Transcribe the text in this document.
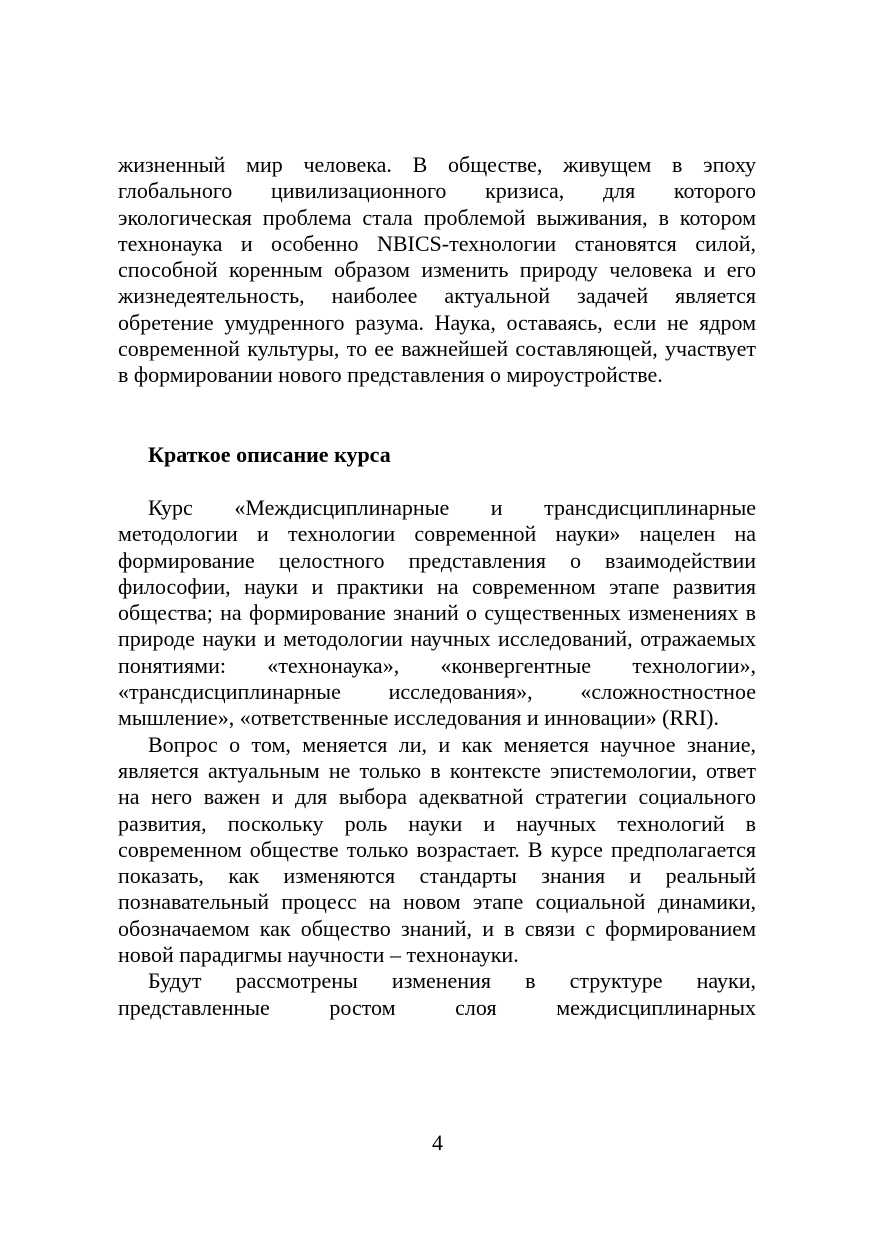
жизненный мир человека. В обществе, живущем в эпоху глобального цивилизационного кризиса, для которого экологическая проблема стала проблемой выживания, в котором технонаука и особенно NBICS-технологии становятся силой, способной коренным образом изменить природу человека и его жизнедеятельность, наиболее актуальной задачей является обретение умудренного разума. Наука, оставаясь, если не ядром современной культуры, то ее важнейшей составляющей, участвует в формировании нового представления о мироустройстве.

Краткое описание курса

Курс «Междисциплинарные и трансдисциплинарные методологии и технологии современной науки» нацелен на формирование целостного представления о взаимодействии философии, науки и практики на современном этапе развития общества; на формирование знаний о существенных изменениях в природе науки и методологии научных исследований, отражаемых понятиями: «технонаука», «конвергентные технологии», «трансдисциплинарные исследования», «сложностностное мышление», «ответственные исследования и инновации» (RRI).

Вопрос о том, меняется ли, и как меняется научное знание, является актуальным не только в контексте эпистемологии, ответ на него важен и для выбора адекватной стратегии социального развития, поскольку роль науки и научных технологий в современном обществе только возрастает. В курсе предполагается показать, как изменяются стандарты знания и реальный познавательный процесс на новом этапе социальной динамики, обозначаемом как общество знаний, и в связи с формированием новой парадигмы научности – технонауки.

Будут рассмотрены изменения в структуре науки, представленные ростом слоя междисциплинарных

4
